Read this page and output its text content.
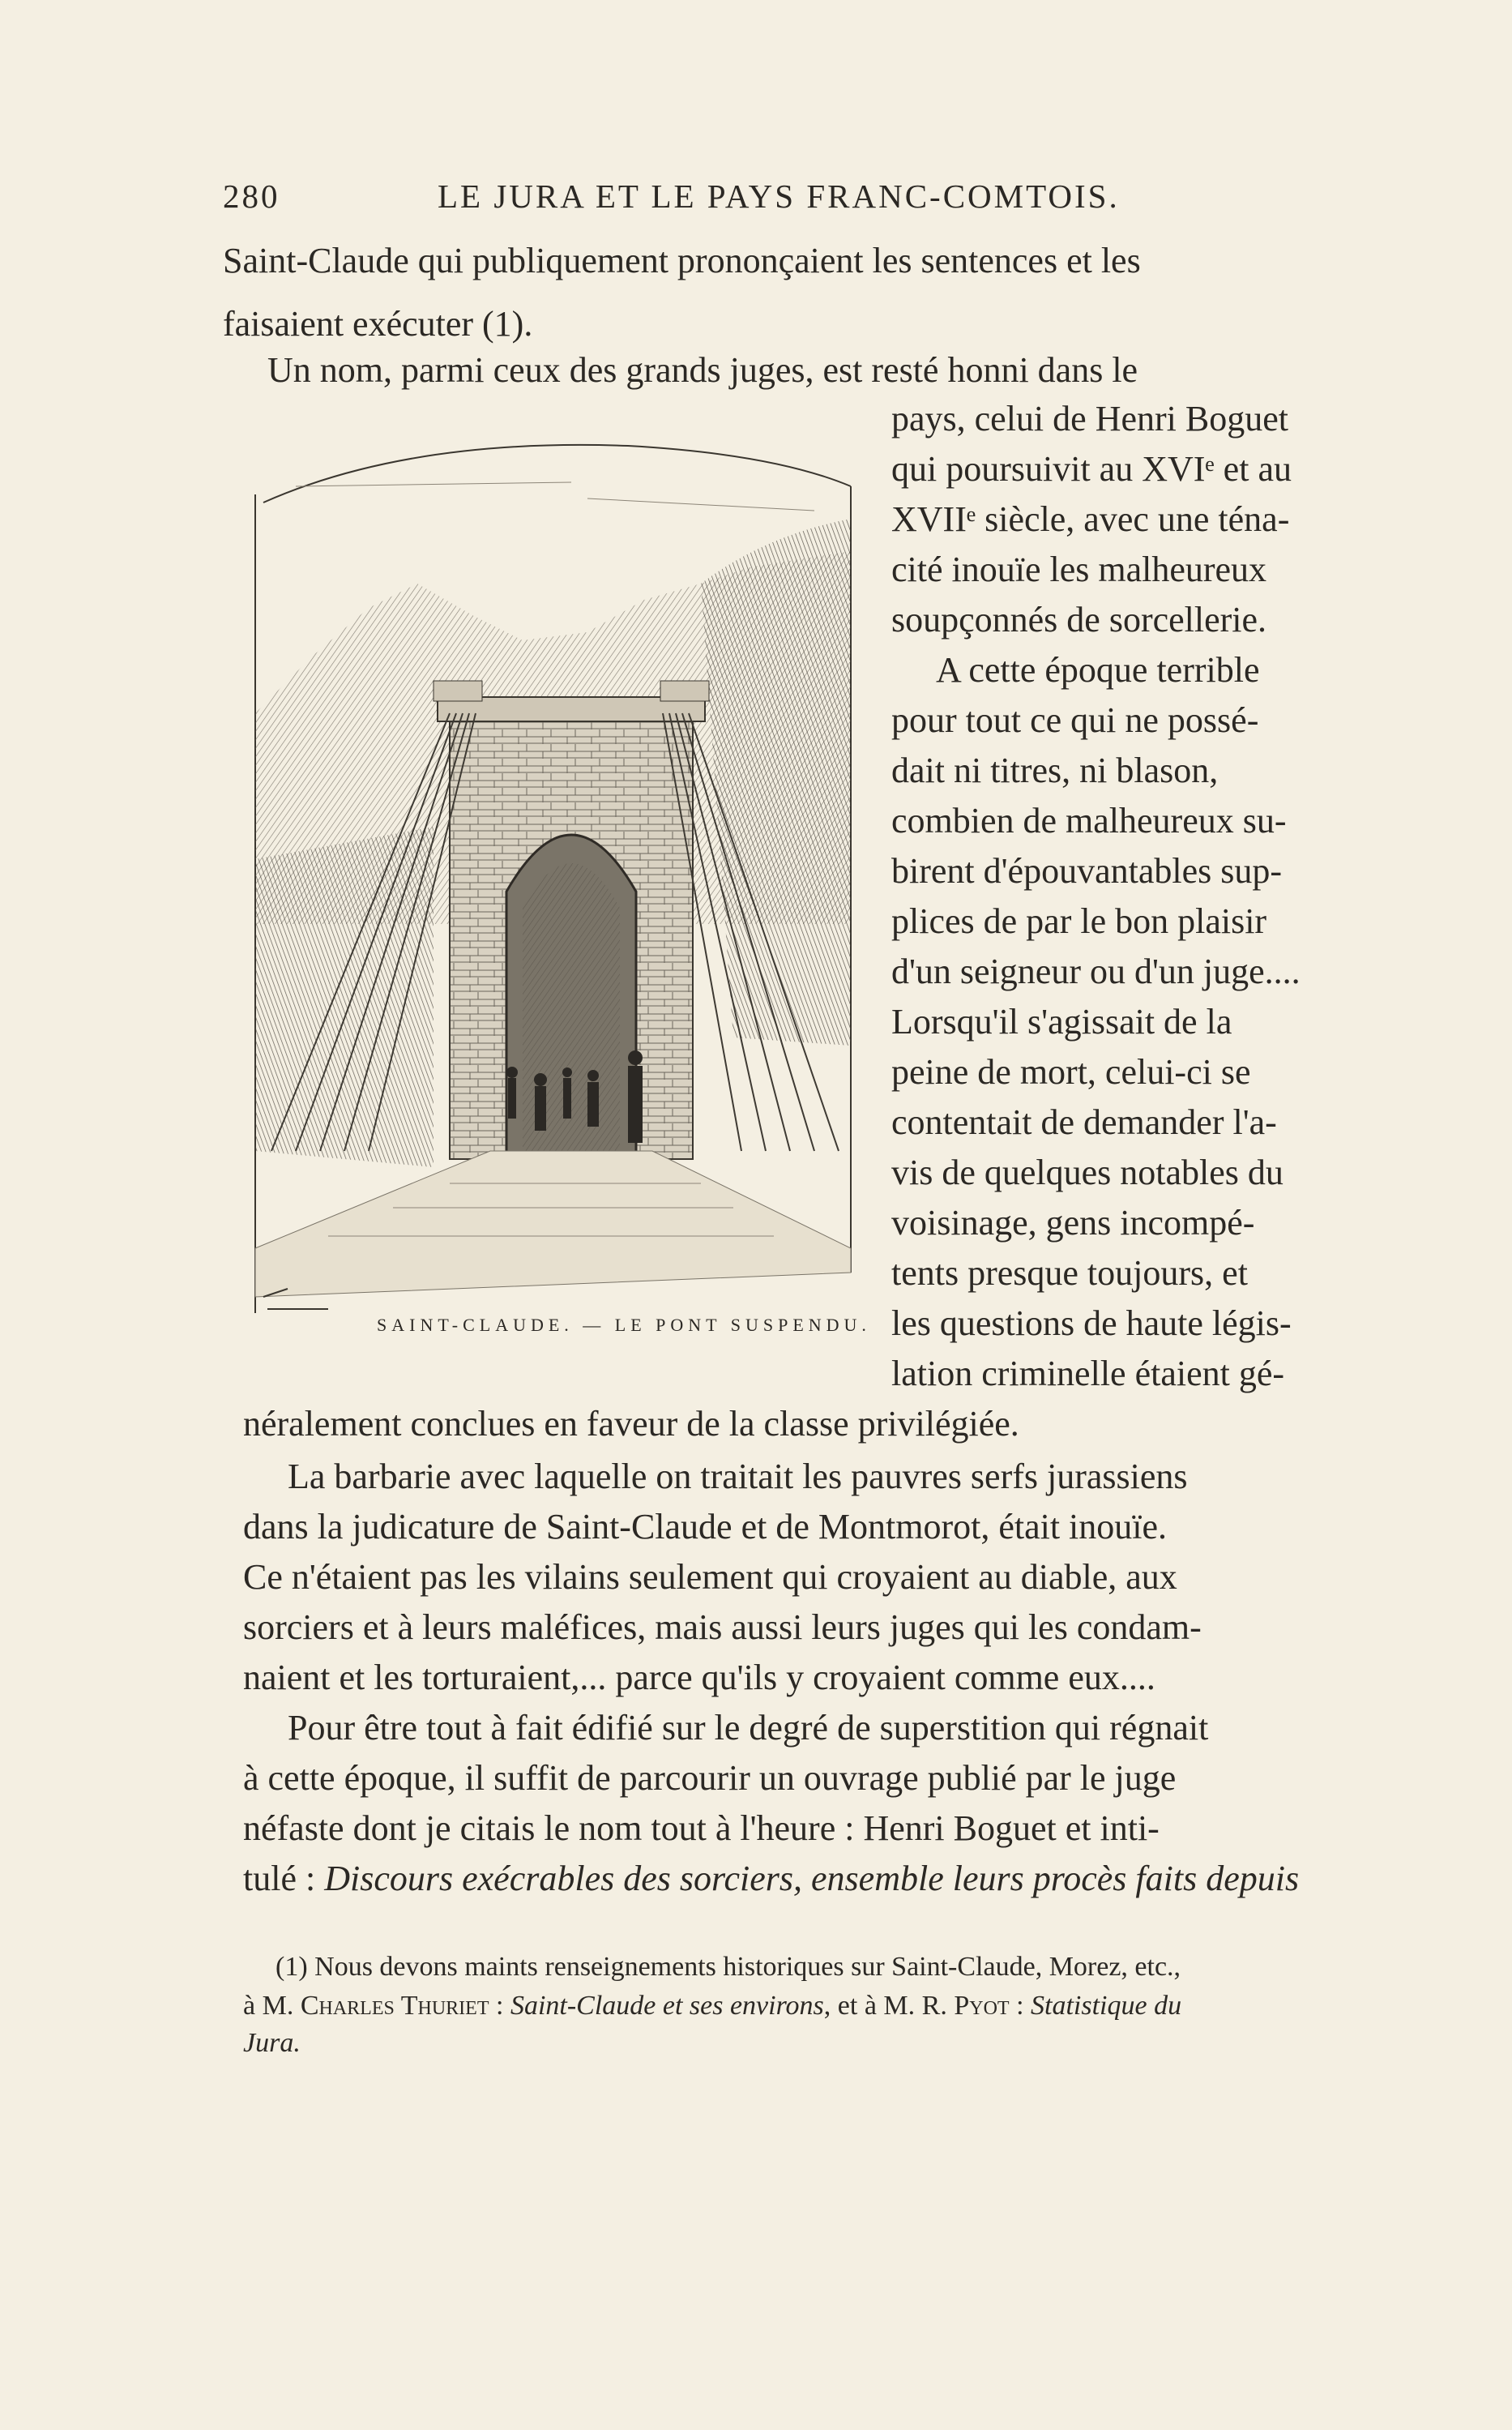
280	LE JURA ET LE PAYS FRANC-COMTOIS.
Saint-Claude qui publiquement prononçaient les sentences et les
faisaient exécuter (1).
Un nom, parmi ceux des grands juges, est resté honni dans le
pays, celui de Henri Boguet
qui poursuivit au XVIᵉ et au
XVIIᵉ siècle, avec une téna-
cité inouïe les malheureux
soupçonnés de sorcellerie.
A cette époque terrible
pour tout ce qui ne possé-
dait ni titres, ni blason,
combien de malheureux su-
birent d'épouvantables sup-
plices de par le bon plaisir
d'un seigneur ou d'un juge....
Lorsqu'il s'agissait de la
peine de mort, celui-ci se
contentait de demander l'a-
vis de quelques notables du
voisinage, gens incompé-
tents presque toujours, et
les questions de haute légis-
lation criminelle étaient gé-
néralement conclues en faveur de la classe privilégiée.
La barbarie avec laquelle on traitait les pauvres serfs jurassiens
dans la judicature de Saint-Claude et de Montmorot, était inouïe.
Ce n'étaient pas les vilains seulement qui croyaient au diable, aux
sorciers et à leurs maléfices, mais aussi leurs juges qui les condam-
naient et les torturaient,... parce qu'ils y croyaient comme eux....
Pour être tout à fait édifié sur le degré de superstition qui régnait
à cette époque, il suffit de parcourir un ouvrage publié par le juge
néfaste dont je citais le nom tout à l'heure : Henri Boguet et inti-
tulé : Discours exécrables des sorciers, ensemble leurs procès faits depuis
SAINT-CLAUDE. — LE PONT SUSPENDU.
(1) Nous devons maints renseignements historiques sur Saint-Claude, Morez, etc.,
à M. Charles Thuriet : Saint-Claude et ses environs, et à M. R. Pyot : Statistique du
Jura.
